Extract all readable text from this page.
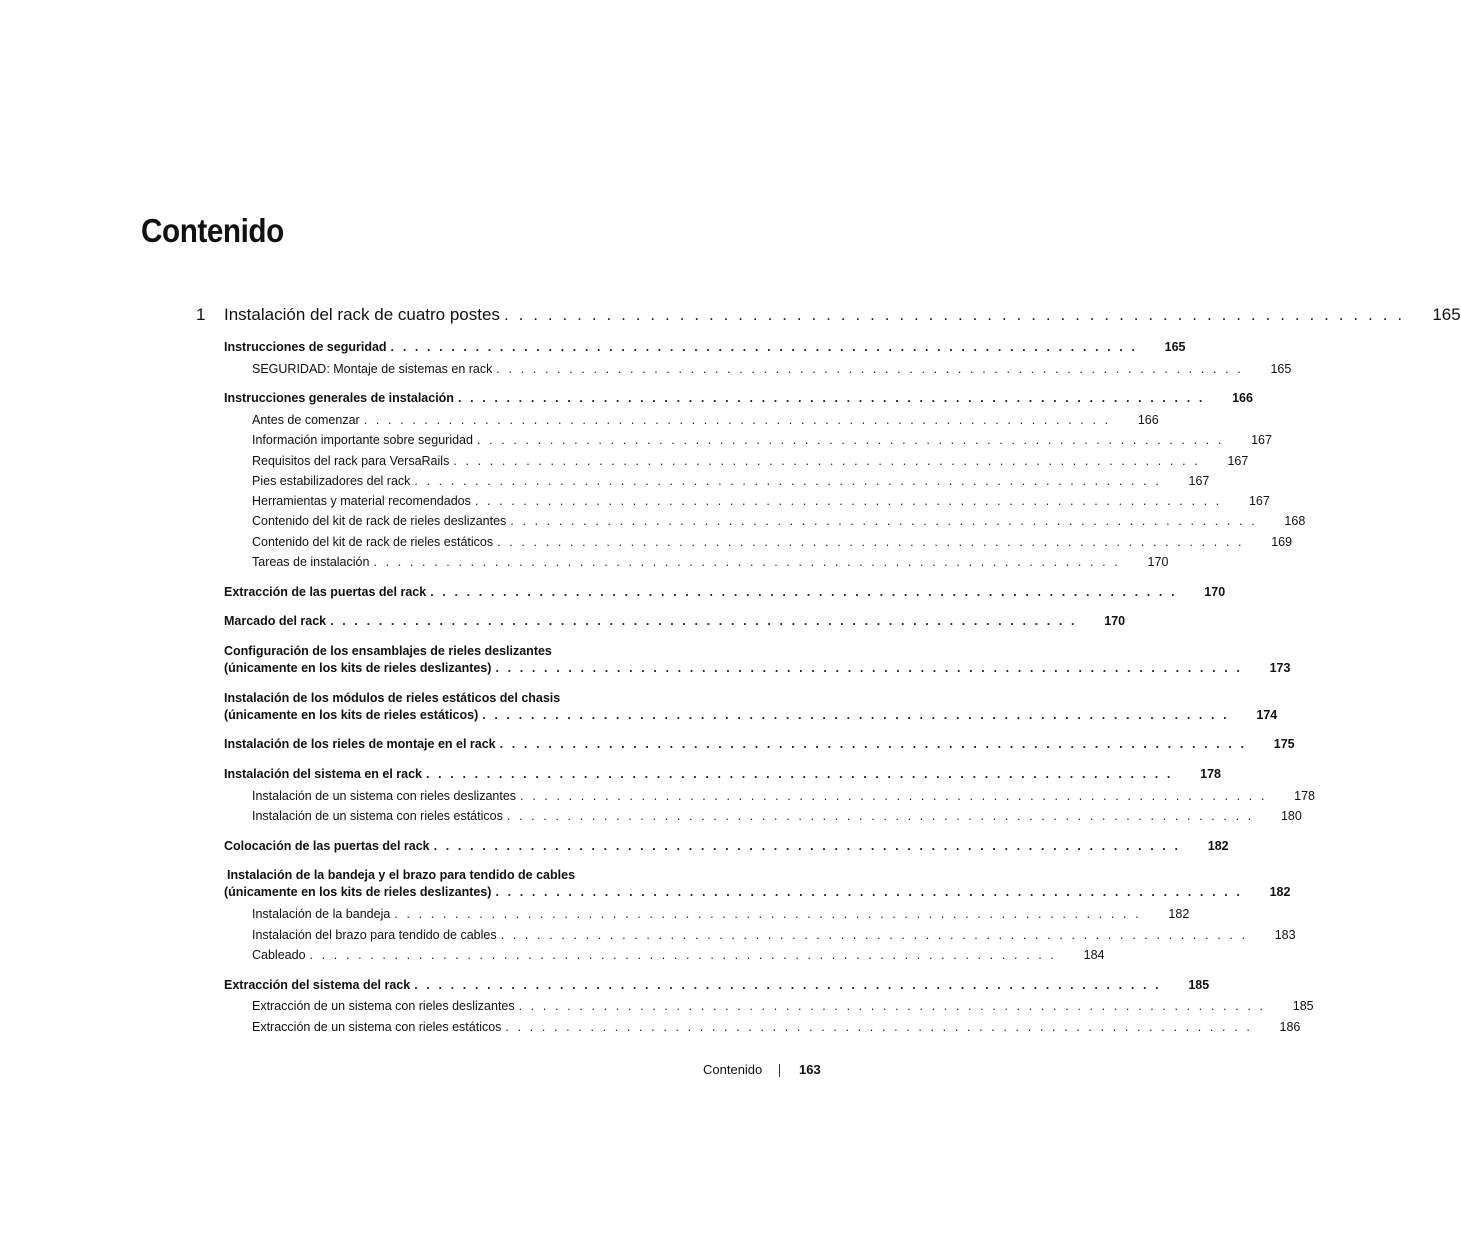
Contenido
1 Instalación del rack de cuatro postes . . . . . . . . . . . . . . . . . . . . . . . . . . . . . . . . . . . . . . . . . . . . . . . . . . . . . . . . . . . . . .	165
Instrucciones de seguridad . . . . . . . . . . . . . . . . . . . . . . . . . . . . . . . . . . . . . . . . . . . . . . . . . . . . . . . . . . . . . .	165
SEGURIDAD: Montaje de sistemas en rack . . . . . . . . . . . . . . . . . . . . . . . . . . . . . . . . . . . . . . . . . . . . . . . . . . . . . . . . . . . . . .	165
Instrucciones generales de instalación . . . . . . . . . . . . . . . . . . . . . . . . . . . . . . . . . . . . . . . . . . . . . . . . . . . . . . . . . . . . . .	166
Antes de comenzar . . . . . . . . . . . . . . . . . . . . . . . . . . . . . . . . . . . . . . . . . . . . . . . . . . . . . . . . . . . . . .	166
Información importante sobre seguridad . . . . . . . . . . . . . . . . . . . . . . . . . . . . . . . . . . . . . . . . . . . . . . . . . . . . . . . . . . . . . .	167
Requisitos del rack para VersaRails . . . . . . . . . . . . . . . . . . . . . . . . . . . . . . . . . . . . . . . . . . . . . . . . . . . . . . . . . . . . . .	167
Pies estabilizadores del rack . . . . . . . . . . . . . . . . . . . . . . . . . . . . . . . . . . . . . . . . . . . . . . . . . . . . . . . . . . . . . .	167
Herramientas y material recomendados . . . . . . . . . . . . . . . . . . . . . . . . . . . . . . . . . . . . . . . . . . . . . . . . . . . . . . . . . . . . . .	167
Contenido del kit de rack de rieles deslizantes . . . . . . . . . . . . . . . . . . . . . . . . . . . . . . . . . . . . . . . . . . . . . . . . . . . . . . . . . . . . . .	168
Contenido del kit de rack de rieles estáticos . . . . . . . . . . . . . . . . . . . . . . . . . . . . . . . . . . . . . . . . . . . . . . . . . . . . . . . . . . . . . .	169
Tareas de instalación . . . . . . . . . . . . . . . . . . . . . . . . . . . . . . . . . . . . . . . . . . . . . . . . . . . . . . . . . . . . . .	170
Extracción de las puertas del rack . . . . . . . . . . . . . . . . . . . . . . . . . . . . . . . . . . . . . . . . . . . . . . . . . . . . . . . . . . . . . .	170
Marcado del rack . . . . . . . . . . . . . . . . . . . . . . . . . . . . . . . . . . . . . . . . . . . . . . . . . . . . . . . . . . . . . .	170
Configuración de los ensamblajes de rieles deslizantes
(únicamente en los kits de rieles deslizantes) . . . . . . . . . . . . . . . . . . . . . . . . . . . . . . . . . . . . . . . . . . . . . . . . . . . . . . . . . . . . . .	173
Instalación de los módulos de rieles estáticos del chasis
(únicamente en los kits de rieles estáticos) . . . . . . . . . . . . . . . . . . . . . . . . . . . . . . . . . . . . . . . . . . . . . . . . . . . . . . . . . . . . . .	174
Instalación de los rieles de montaje en el rack . . . . . . . . . . . . . . . . . . . . . . . . . . . . . . . . . . . . . . . . . . . . . . . . . . . . . . . . . . . . . .	175
Instalación del sistema en el rack . . . . . . . . . . . . . . . . . . . . . . . . . . . . . . . . . . . . . . . . . . . . . . . . . . . . . . . . . . . . . .	178
Instalación de un sistema con rieles deslizantes . . . . . . . . . . . . . . . . . . . . . . . . . . . . . . . . . . . . . . . . . . . . . . . . . . . . . . . . . . . . . .	178
Instalación de un sistema con rieles estáticos . . . . . . . . . . . . . . . . . . . . . . . . . . . . . . . . . . . . . . . . . . . . . . . . . . . . . . . . . . . . . .	180
Colocación de las puertas del rack . . . . . . . . . . . . . . . . . . . . . . . . . . . . . . . . . . . . . . . . . . . . . . . . . . . . . . . . . . . . . .	182
Instalación de la bandeja y el brazo para tendido de cables
(únicamente en los kits de rieles deslizantes) . . . . . . . . . . . . . . . . . . . . . . . . . . . . . . . . . . . . . . . . . . . . . . . . . . . . . . . . . . . . . .	182
Instalación de la bandeja . . . . . . . . . . . . . . . . . . . . . . . . . . . . . . . . . . . . . . . . . . . . . . . . . . . . . . . . . . . . . .	182
Instalación del brazo para tendido de cables . . . . . . . . . . . . . . . . . . . . . . . . . . . . . . . . . . . . . . . . . . . . . . . . . . . . . . . . . . . . . .	183
Cableado . . . . . . . . . . . . . . . . . . . . . . . . . . . . . . . . . . . . . . . . . . . . . . . . . . . . . . . . . . . . . .	184
Extracción del sistema del rack . . . . . . . . . . . . . . . . . . . . . . . . . . . . . . . . . . . . . . . . . . . . . . . . . . . . . . . . . . . . . .	185
Extracción de un sistema con rieles deslizantes . . . . . . . . . . . . . . . . . . . . . . . . . . . . . . . . . . . . . . . . . . . . . . . . . . . . . . . . . . . . . .	185
Extracción de un sistema con rieles estáticos . . . . . . . . . . . . . . . . . . . . . . . . . . . . . . . . . . . . . . . . . . . . . . . . . . . . . . . . . . . . . .	186
Contenido	163
